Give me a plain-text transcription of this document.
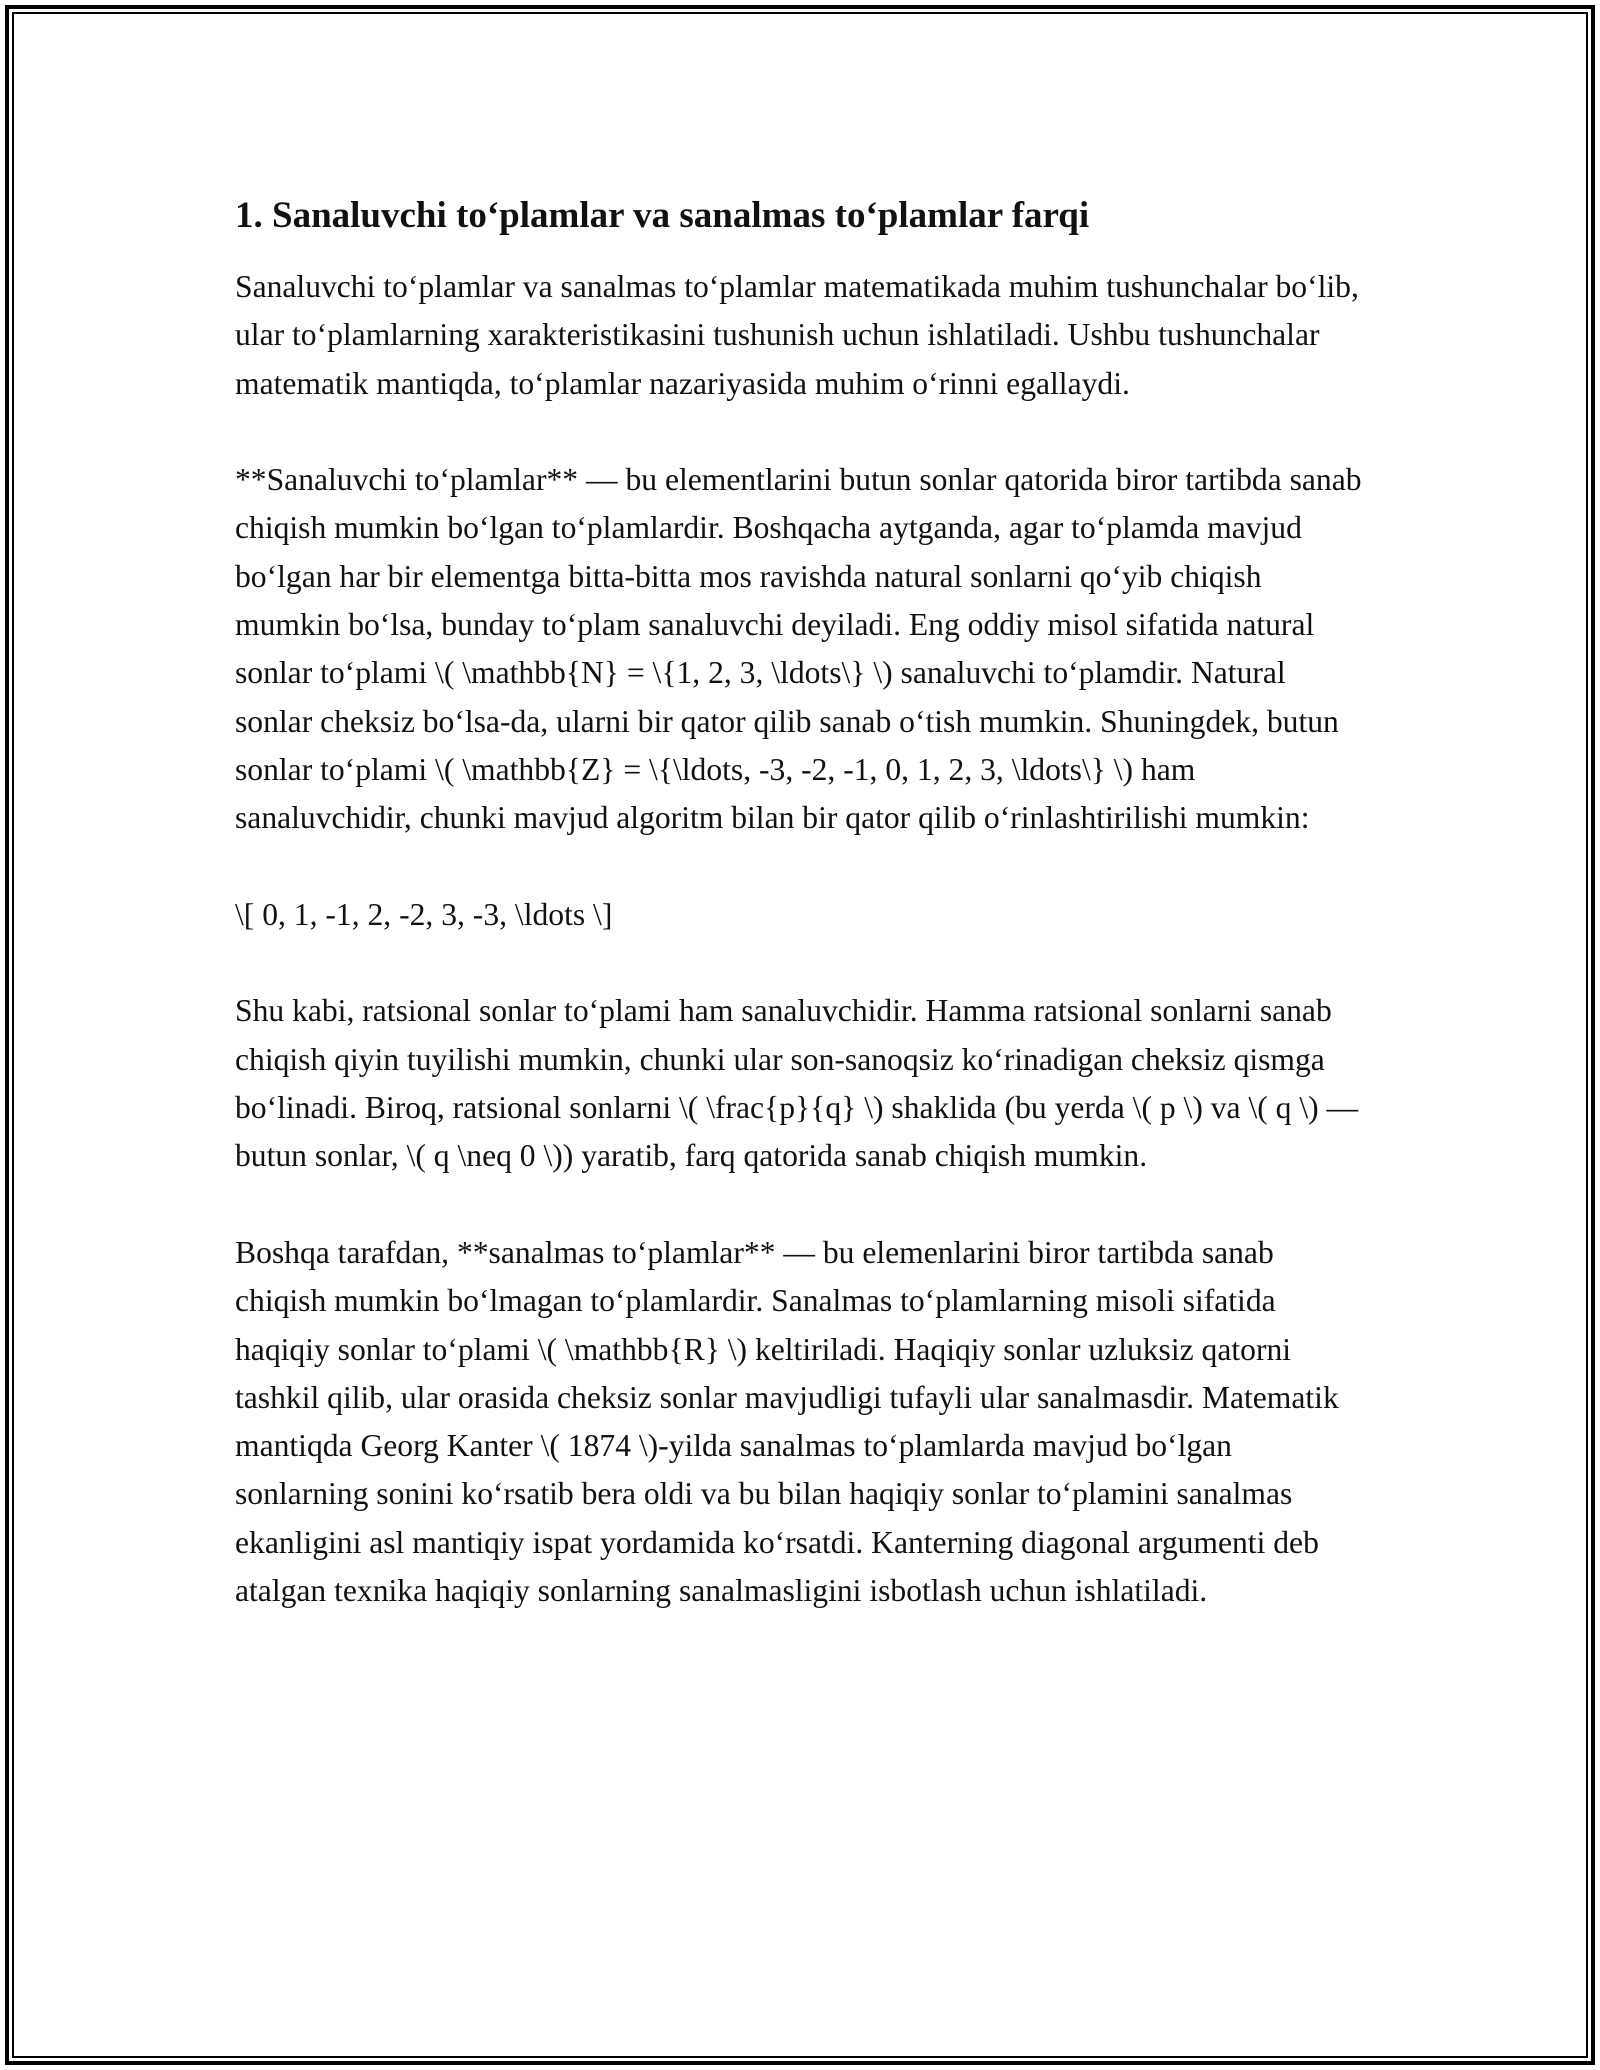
1. Sanaluvchi to‘plamlar va sanalmas to‘plamlar farqi

Sanaluvchi to‘plamlar va sanalmas to‘plamlar matematikada muhim tushunchalar bo‘lib, ular to‘plamlarning xarakteristikasini tushunish uchun ishlatiladi. Ushbu tushunchalar matematik mantiqda, to‘plamlar nazariyasida muhim o‘rinni egallaydi.

**Sanaluvchi to‘plamlar** — bu elementlarini butun sonlar qatorida biror tartibda sanab chiqish mumkin bo‘lgan to‘plamlardir. Boshqacha aytganda, agar to‘plamda mavjud bo‘lgan har bir elementga bitta-bitta mos ravishda natural sonlarni qo‘yib chiqish mumkin bo‘lsa, bunday to‘plam sanaluvchi deyiladi. Eng oddiy misol sifatida natural sonlar to‘plami \( \mathbb{N} = \{1, 2, 3, \ldots\} \) sanaluvchi to‘plamdir. Natural sonlar cheksiz bo‘lsa-da, ularni bir qator qilib sanab o‘tish mumkin. Shuningdek, butun sonlar to‘plami \( \mathbb{Z} = \{\ldots, -3, -2, -1, 0, 1, 2, 3, \ldots\} \) ham sanaluvchidir, chunki mavjud algoritm bilan bir qator qilib o‘rinlashtirilishi mumkin:

\[ 0, 1, -1, 2, -2, 3, -3, \ldots \]

Shu kabi, ratsional sonlar to‘plami ham sanaluvchidir. Hamma ratsional sonlarni sanab chiqish qiyin tuyilishi mumkin, chunki ular son-sanoqsiz ko‘rinadigan cheksiz qismga bo‘linadi. Biroq, ratsional sonlarni \( \frac{p}{q} \) shaklida (bu yerda \( p \) va \( q \) — butun sonlar, \( q \neq 0 \)) yaratib, farq qatorida sanab chiqish mumkin.

Boshqa tarafdan, **sanalmas to‘plamlar** — bu elemenlarini biror tartibda sanab chiqish mumkin bo‘lmagan to‘plamlardir. Sanalmas to‘plamlarning misoli sifatida haqiqiy sonlar to‘plami \( \mathbb{R} \) keltiriladi. Haqiqiy sonlar uzluksiz qatorni tashkil qilib, ular orasida cheksiz sonlar mavjudligi tufayli ular sanalmasdir. Matematik mantiqda Georg Kanter \( 1874 \)-yilda sanalmas to‘plamlarda mavjud bo‘lgan sonlarning sonini ko‘rsatib bera oldi va bu bilan haqiqiy sonlar to‘plamini sanalmas ekanligini asl mantiqiy ispat yordamida ko‘rsatdi. Kanterning diagonal argumenti deb atalgan texnika haqiqiy sonlarning sanalmasligini isbotlash uchun ishlatiladi.
